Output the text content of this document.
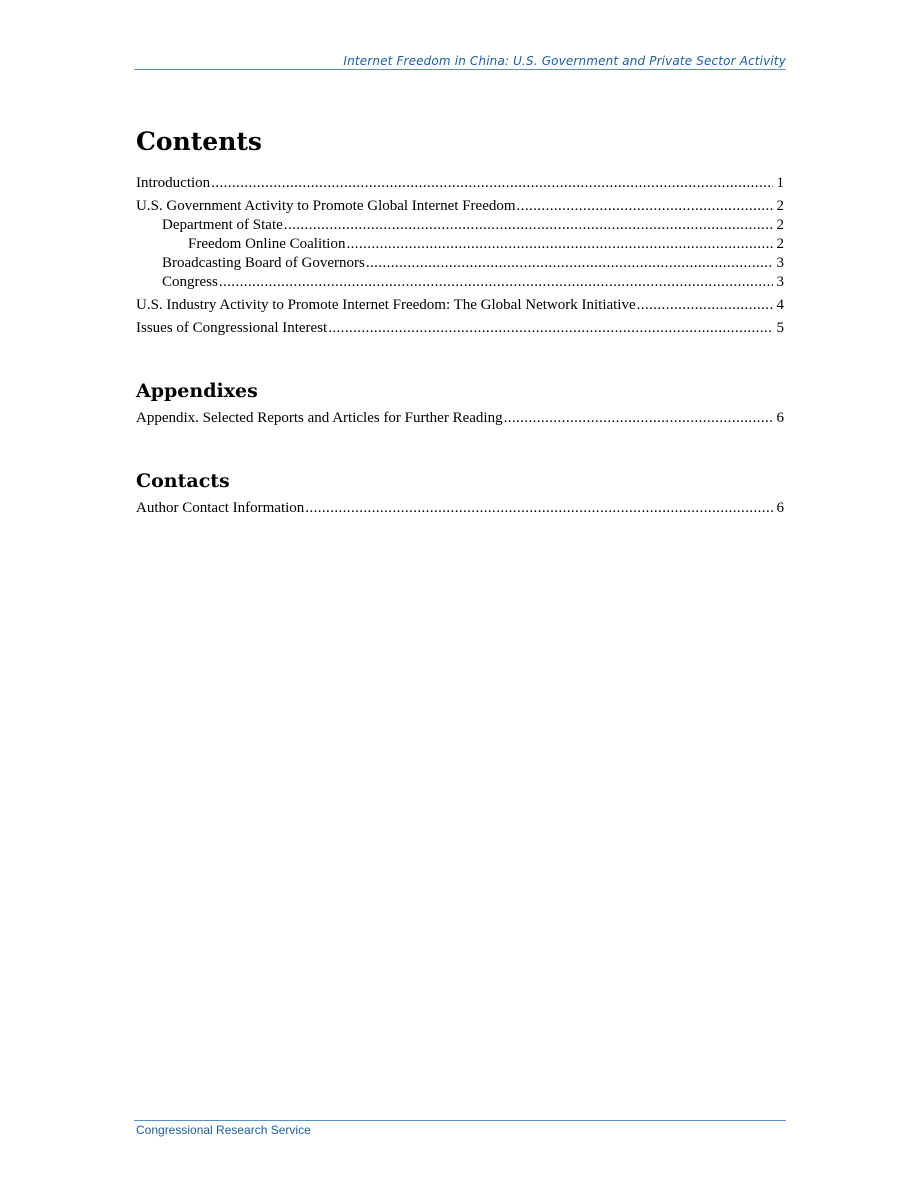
Internet Freedom in China: U.S. Government and Private Sector Activity
Contents
Introduction .....	1
U.S. Government Activity to Promote Global Internet Freedom .....	2
Department of State .....	2
Freedom Online Coalition .....	2
Broadcasting Board of Governors .....	3
Congress .....	3
U.S. Industry Activity to Promote Internet Freedom: The Global Network Initiative .....	4
Issues of Congressional Interest .....	5
Appendixes
Appendix. Selected Reports and Articles for Further Reading .....	6
Contacts
Author Contact Information .....	6
Congressional Research Service
